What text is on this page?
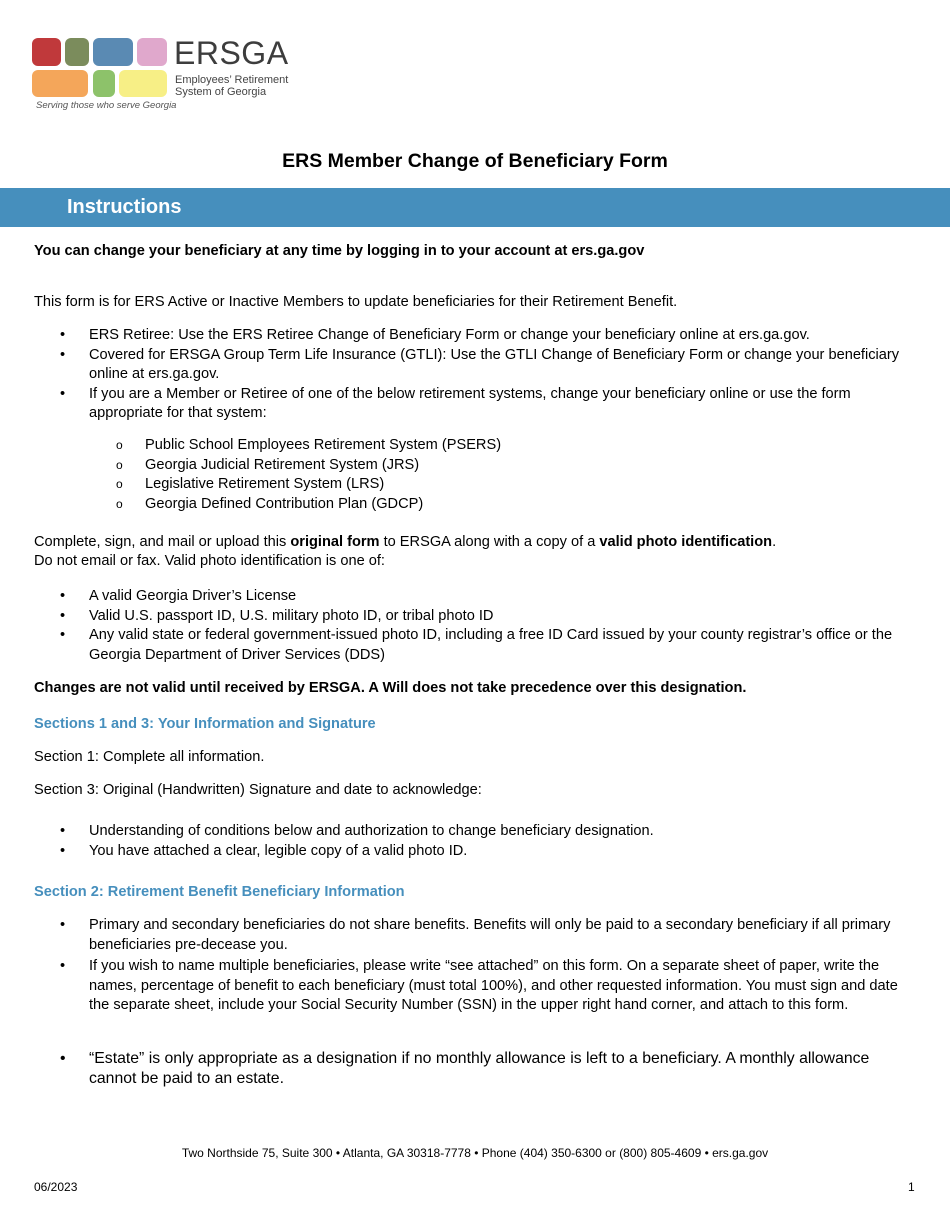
ERSGA
Employees’ Retirement
System of Georgia
Serving those who serve Georgia
ERS Member Change of Beneficiary Form
Instructions
You can change your beneficiary at any time by logging in to your account at ers.ga.gov
This form is for ERS Active or Inactive Members to update beneficiaries for their Retirement Benefit.
• ERS Retiree: Use the ERS Retiree Change of Beneficiary Form or change your beneficiary online at ers.ga.gov.
• Covered for ERSGA Group Term Life Insurance (GTLI): Use the GTLI Change of Beneficiary Form or change your beneficiary online at ers.ga.gov.
• If you are a Member or Retiree of one of the below retirement systems, change your beneficiary online or use the form appropriate for that system:
o Public School Employees Retirement System (PSERS)
o Georgia Judicial Retirement System (JRS)
o Legislative Retirement System (LRS)
o Georgia Defined Contribution Plan (GDCP)
Complete, sign, and mail or upload this original form to ERSGA along with a copy of a valid photo identification.
Do not email or fax. Valid photo identification is one of:
• A valid Georgia Driver’s License
• Valid U.S. passport ID, U.S. military photo ID, or tribal photo ID
• Any valid state or federal government-issued photo ID, including a free ID Card issued by your county registrar’s office or the Georgia Department of Driver Services (DDS)
Changes are not valid until received by ERSGA. A Will does not take precedence over this designation.
Sections 1 and 3: Your Information and Signature
Section 1: Complete all information.
Section 3: Original (Handwritten) Signature and date to acknowledge:
• Understanding of conditions below and authorization to change beneficiary designation.
• You have attached a clear, legible copy of a valid photo ID.
Section 2: Retirement Benefit Beneficiary Information
• Primary and secondary beneficiaries do not share benefits. Benefits will only be paid to a secondary beneficiary if all primary beneficiaries pre-decease you.
• If you wish to name multiple beneficiaries, please write “see attached” on this form. On a separate sheet of paper, write the names, percentage of benefit to each beneficiary (must total 100%), and other requested information. You must sign and date the separate sheet, include your Social Security Number (SSN) in the upper right hand corner, and attach to this form.
• “Estate” is only appropriate as a designation if no monthly allowance is left to a beneficiary. A monthly allowance cannot be paid to an estate.
Two Northside 75, Suite 300 • Atlanta, GA 30318-7778 • Phone (404) 350-6300 or (800) 805-4609 • ers.ga.gov
06/2023	1
